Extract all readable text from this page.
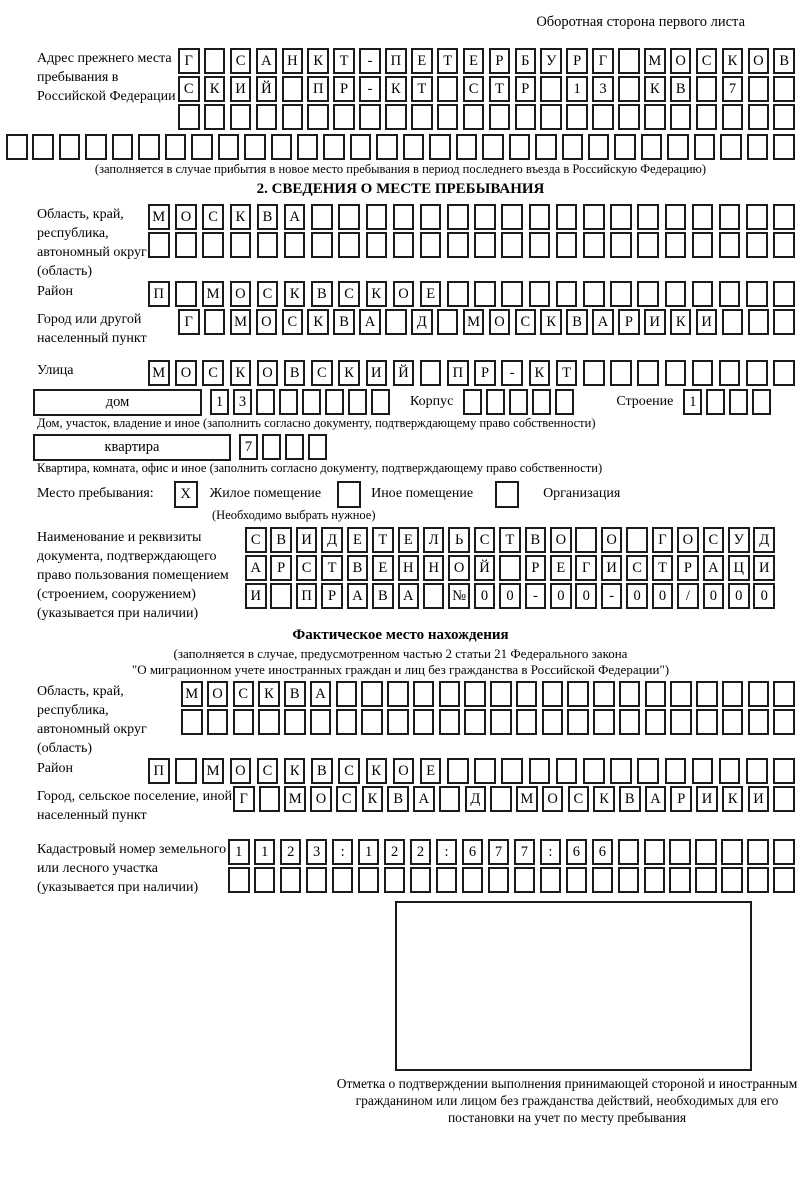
Оборотная сторона первого листа
Адрес прежнего места пребывания в Российской Федерации
Г	С	А	Н	К	Т	-	П	Е	Т	Е	Р	Б	У	Р	Г	М О	С	К	О	В
С	К	И	Й	П	Р	-	К	Т	С	Т	Р	1	3	К	В	7
(заполняется в случае прибытия в новое место пребывания в период последнего въезда в Российскую Федерацию)
2. СВЕДЕНИЯ О МЕСТЕ ПРЕБЫВАНИЯ
Область, край, республика, автономный округ (область)
М	О	С	К	В	А
Район	П	М	О	С	К	В	С	К	О	Е
Город или другой населенный пункт
Г	М О	С	К	В	А	Д	М О	С	К	В	А	Р	И	К	И
Улица	М	О	С	К	О	В	С	К	И	Й	П	Р	-	К	Т
дом	1	3	Корпус	Строение	1
Дом, участок, владение и иное (заполнить согласно документу, подтверждающему право собственности)
квартира	7
Квартира, комната, офис и иное (заполнить согласно документу, подтверждающему право собственности)
Место пребывания:	X	Жилое помещение	Иное помещение	Организация
(Необходимо выбрать нужное)
Наименование и реквизиты документа, подтверждающего право пользования помещением (строением, сооружением) (указывается при наличии)
С	В	И	Д	Е	Т	Е	Л	Ь	С	Т	В	О	О	Г	О	С	У	Д
А	Р	С	Т	В	Е	Н	Н	О	Й	Р	Е	Г	И	С	Т	Р	А	Ц	И
И	П	Р	А	В	А	№	0	0	-	0	0	-	0	0	/	0	0	0
Фактическое место нахождения
(заполняется в случае, предусмотренном частью 2 статьи 21 Федерального закона
"О миграционном учете иностранных граждан и лиц без гражданства в Российской Федерации")
Область, край, республика, автономный округ (область)
М О	С	К	В	А
Район	П	М	О	С	К	В	С	К	О	Е
Город, сельское поселение, иной населенный пункт
Г	М О	С	К	В	А	Д	М О	С	К	В	А	Р	И	К	И
Кадастровый номер земельного или лесного участка (указывается при наличии)
1	1	2	3	:	1	2	2	:	6	7	7	:	6	6
Отметка о подтверждении выполнения принимающей стороной и иностранным гражданином или лицом без гражданства действий, необходимых для его постановки на учет по месту пребывания
